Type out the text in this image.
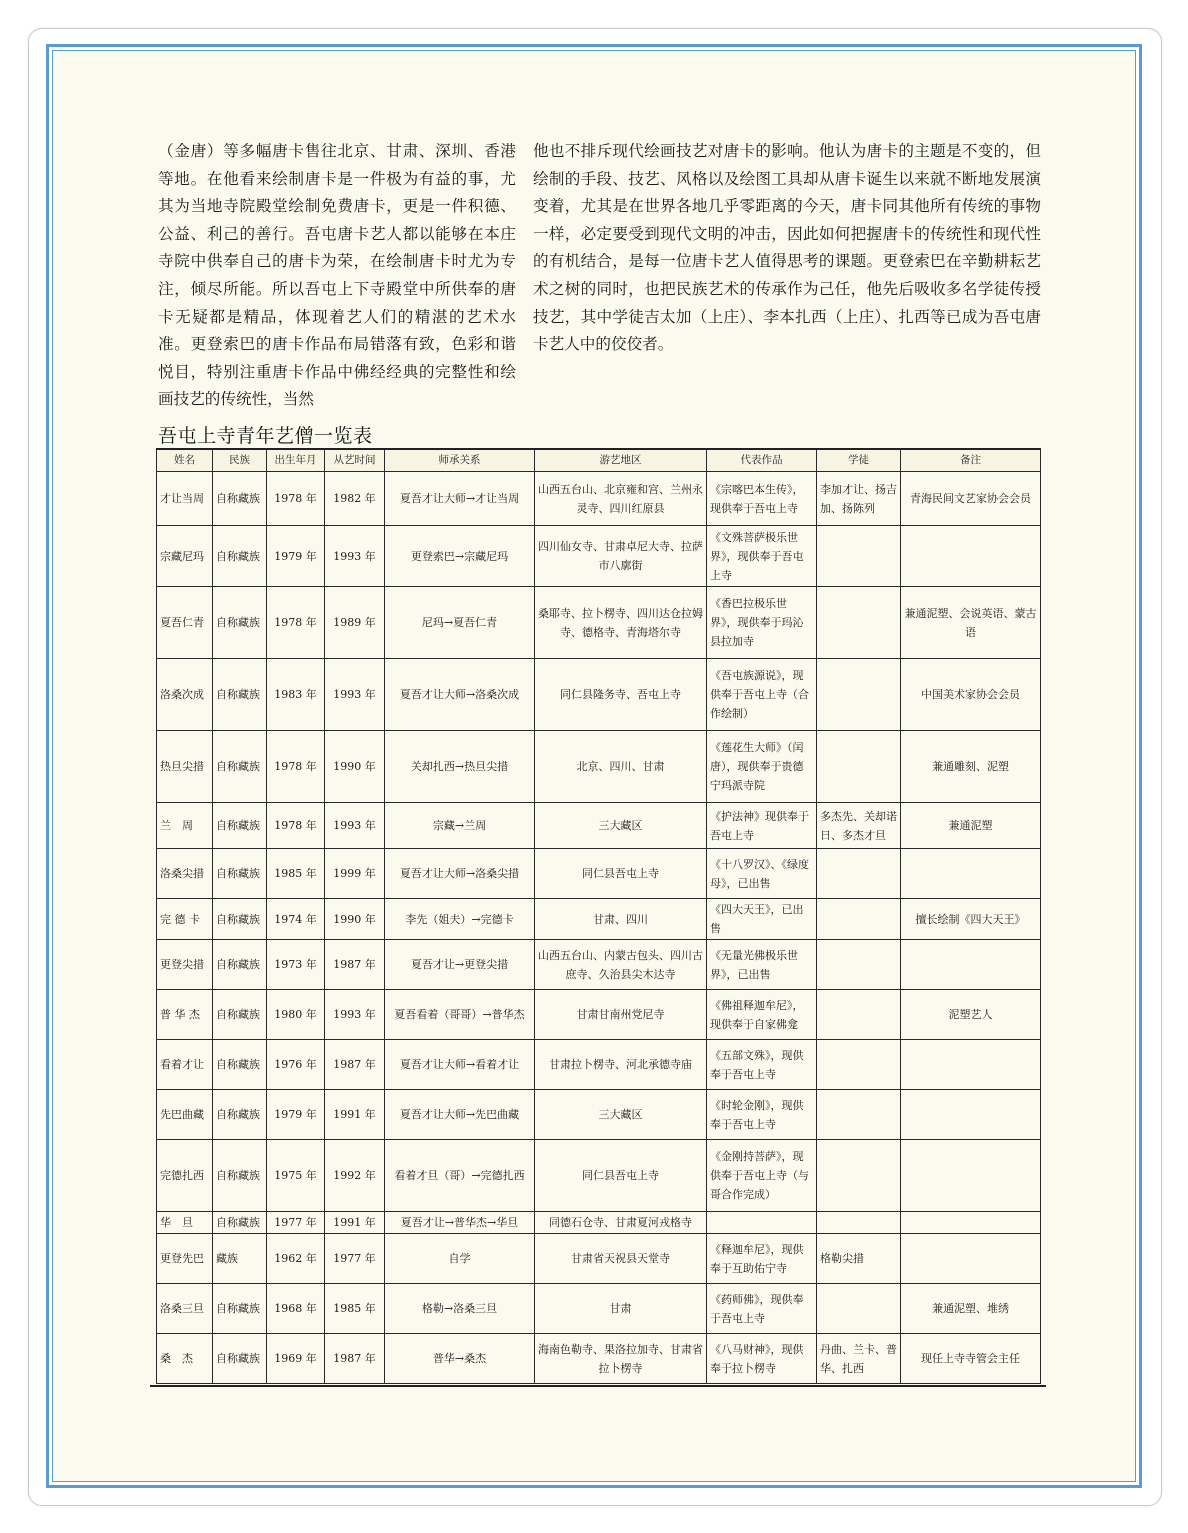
（金唐）等多幅唐卡售往北京、甘肃、深圳、香港等地。在他看来绘制唐卡是一件极为有益的事，尤其为当地寺院殿堂绘制免费唐卡，更是一件积德、公益、利己的善行。吾屯唐卡艺人都以能够在本庄寺院中供奉自己的唐卡为荣，在绘制唐卡时尤为专注，倾尽所能。所以吾屯上下寺殿堂中所供奉的唐卡无疑都是精品，体现着艺人们的精湛的艺术水准。更登索巴的唐卡作品布局错落有致，色彩和谐悦目，特别注重唐卡作品中佛经经典的完整性和绘画技艺的传统性，当然
他也不排斥现代绘画技艺对唐卡的影响。他认为唐卡的主题是不变的，但绘制的手段、技艺、风格以及绘图工具却从唐卡诞生以来就不断地发展演变着，尤其是在世界各地几乎零距离的今天，唐卡同其他所有传统的事物一样，必定要受到现代文明的冲击，因此如何把握唐卡的传统性和现代性的有机结合，是每一位唐卡艺人值得思考的课题。更登索巴在辛勤耕耘艺术之树的同时，也把民族艺术的传承作为己任，他先后吸收多名学徒传授技艺，其中学徒吉太加（上庄）、李本扎西（上庄）、扎西等已成为吾屯唐卡艺人中的佼佼者。
吾屯上寺青年艺僧一览表
姓名	民族	出生年月	从艺时间	师承关系	游艺地区	代表作品	学徒	备注
才让当周	自称藏族	1978 年	1982 年	夏吾才让大师→才让当周	山西五台山、北京雍和宫、兰州永灵寺、四川红原县	《宗喀巴本生传》，现供奉于吾屯上寺	李加才让、扬吉加、扬陈列	青海民间文艺家协会会员
宗藏尼玛	自称藏族	1979 年	1993 年	更登索巴→宗藏尼玛	四川仙女寺、甘肃卓尼大寺、拉萨市八廓街	《文殊菩萨极乐世界》，现供奉于吾屯上寺		
夏吾仁青	自称藏族	1978 年	1989 年	尼玛→夏吾仁青	桑耶寺、拉卜楞寺、四川达仓拉姆寺、德格寺、青海塔尔寺	《香巴拉极乐世界》，现供奉于玛沁县拉加寺		兼通泥塑、会说英语、蒙古语
洛桑次成	自称藏族	1983 年	1993 年	夏吾才让大师→洛桑次成	同仁县隆务寺、吾屯上寺	《吾屯族源说》，现供奉于吾屯上寺（合作绘制）		中国美术家协会会员
热旦尖措	自称藏族	1978 年	1990 年	关却扎西→热旦尖措	北京、四川、甘肃	《莲花生大师》（闰唐），现供奉于贵德宁玛派寺院		兼通雕刻、泥塑
兰　周	自称藏族	1978 年	1993 年	宗藏→兰周	三大藏区	《护法神》现供奉于吾屯上寺	多杰先、关却诺日、多杰才旦	兼通泥塑
洛桑尖措	自称藏族	1985 年	1999 年	夏吾才让大师→洛桑尖措	同仁县吾屯上寺	《十八罗汉》、《绿度母》，已出售		
完 德 卡	自称藏族	1974 年	1990 年	李先（姐夫）→完德卡	甘肃、四川	《四大天王》，已出售		擅长绘制《四大天王》
更登尖措	自称藏族	1973 年	1987 年	夏吾才让→更登尖措	山西五台山、内蒙古包头、四川古庶寺、久治县尖木达寺	《无量光佛极乐世界》，已出售		
普 华 杰	自称藏族	1980 年	1993 年	夏吾看着（哥哥）→普华杰	甘肃甘南州党尼寺	《佛祖释迦牟尼》，现供奉于自家佛龛		泥塑艺人
看着才让	自称藏族	1976 年	1987 年	夏吾才让大师→看着才让	甘肃拉卜楞寺、河北承德寺庙	《五部文殊》，现供奉于吾屯上寺		
先巴曲藏	自称藏族	1979 年	1991 年	夏吾才让大师→先巴曲藏	三大藏区	《时轮金刚》，现供奉于吾屯上寺		
完德扎西	自称藏族	1975 年	1992 年	看着才旦（哥）→完德扎西	同仁县吾屯上寺	《金刚持菩萨》，现供奉于吾屯上寺（与哥合作完成）		
华　旦	自称藏族	1977 年	1991 年	夏吾才让→普华杰→华旦	同德石仓寺、甘肃夏河戎格寺			
更登先巴	藏族	1962 年	1977 年	自学	甘肃省天祝县天堂寺	《释迦牟尼》，现供奉于互助佑宁寺	格勒尖措	
洛桑三旦	自称藏族	1968 年	1985 年	格勒→洛桑三旦	甘肃	《药师佛》，现供奉于吾屯上寺		兼通泥塑、堆绣
桑　杰	自称藏族	1969 年	1987 年	普华→桑杰	海南色勒寺、果洛拉加寺、甘肃省拉卜楞寺	《八马财神》，现供奉于拉卜楞寺	丹曲、兰卡、普华、扎西	现任上寺寺管会主任
